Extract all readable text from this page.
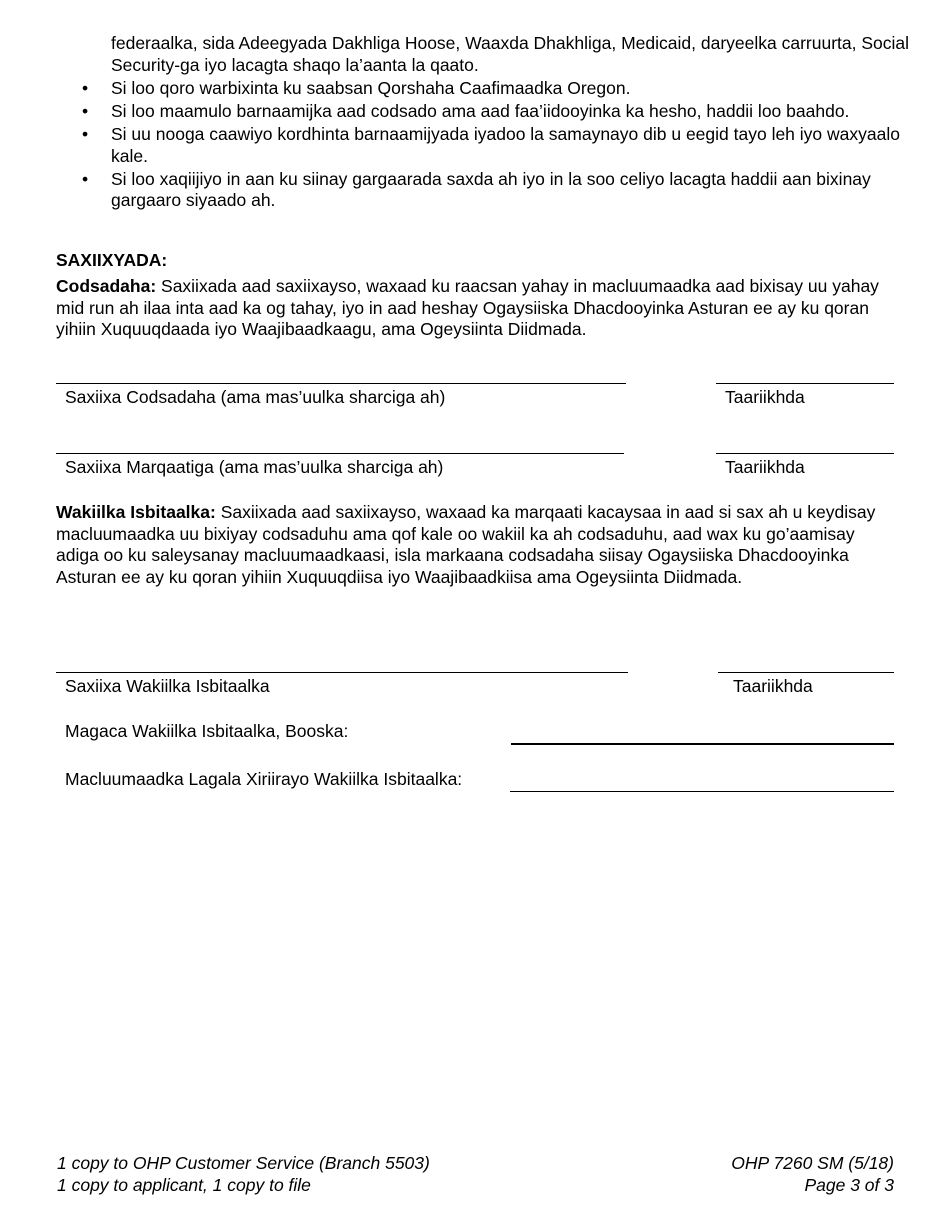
federaalka, sida Adeegyada Dakhliga Hoose, Waaxda Dhakhliga, Medicaid, daryeelka carruurta, Social Security-ga iyo lacagta shaqo la’aanta la qaato.
• Si loo qoro warbixinta ku saabsan Qorshaha Caafimaadka Oregon.
• Si loo maamulo barnaamijka aad codsado ama aad faa’iidooyinka ka hesho, haddii loo baahdo.
• Si uu nooga caawiyo kordhinta barnaamijyada iyadoo la samaynayo dib u eegid tayo leh iyo waxyaalo kale.
• Si loo xaqiijiyo in aan ku siinay gargaarada saxda ah iyo in la soo celiyo lacagta haddii aan bixinay gargaaro siyaado ah.
SAXIIXYADA:
Codsadaha: Saxiixada aad saxiixayso, waxaad ku raacsan yahay in macluumaadka aad bixisay uu yahay mid run ah ilaa inta aad ka og tahay, iyo in aad heshay Ogaysiiska Dhacdooyinka Asturan ee ay ku qoran yihiin Xuquuqdaada iyo Waajibaadkaagu, ama Ogeysiinta Diidmada.
Saxiixa Codsadaha (ama mas’uulka sharciga ah)	Taariikhda
Saxiixa Marqaatiga (ama mas’uulka sharciga ah)	Taariikhda
Wakiilka Isbitaalka: Saxiixada aad saxiixayso, waxaad ka marqaati kacaysaa in aad si sax ah u keydisay macluumaadka uu bixiyay codsaduhu ama qof kale oo wakiil ka ah codsaduhu, aad wax ku go’aamisay adiga oo ku saleysanay macluumaadkaasi, isla markaana codsadaha siisay Ogaysiiska Dhacdooyinka Asturan ee ay ku qoran yihiin Xuquuqdiisa iyo Waajibaadkiisa ama Ogeysiinta Diidmada.
Saxiixa Wakiilka Isbitaalka	Taariikhda
Magaca Wakiilka Isbitaalka, Booska:
Macluumaadka Lagala Xiriirayo Wakiilka Isbitaalka:
1 copy to OHP Customer Service (Branch 5503)
1 copy to applicant, 1 copy to file
OHP 7260 SM (5/18)
Page 3 of 3
